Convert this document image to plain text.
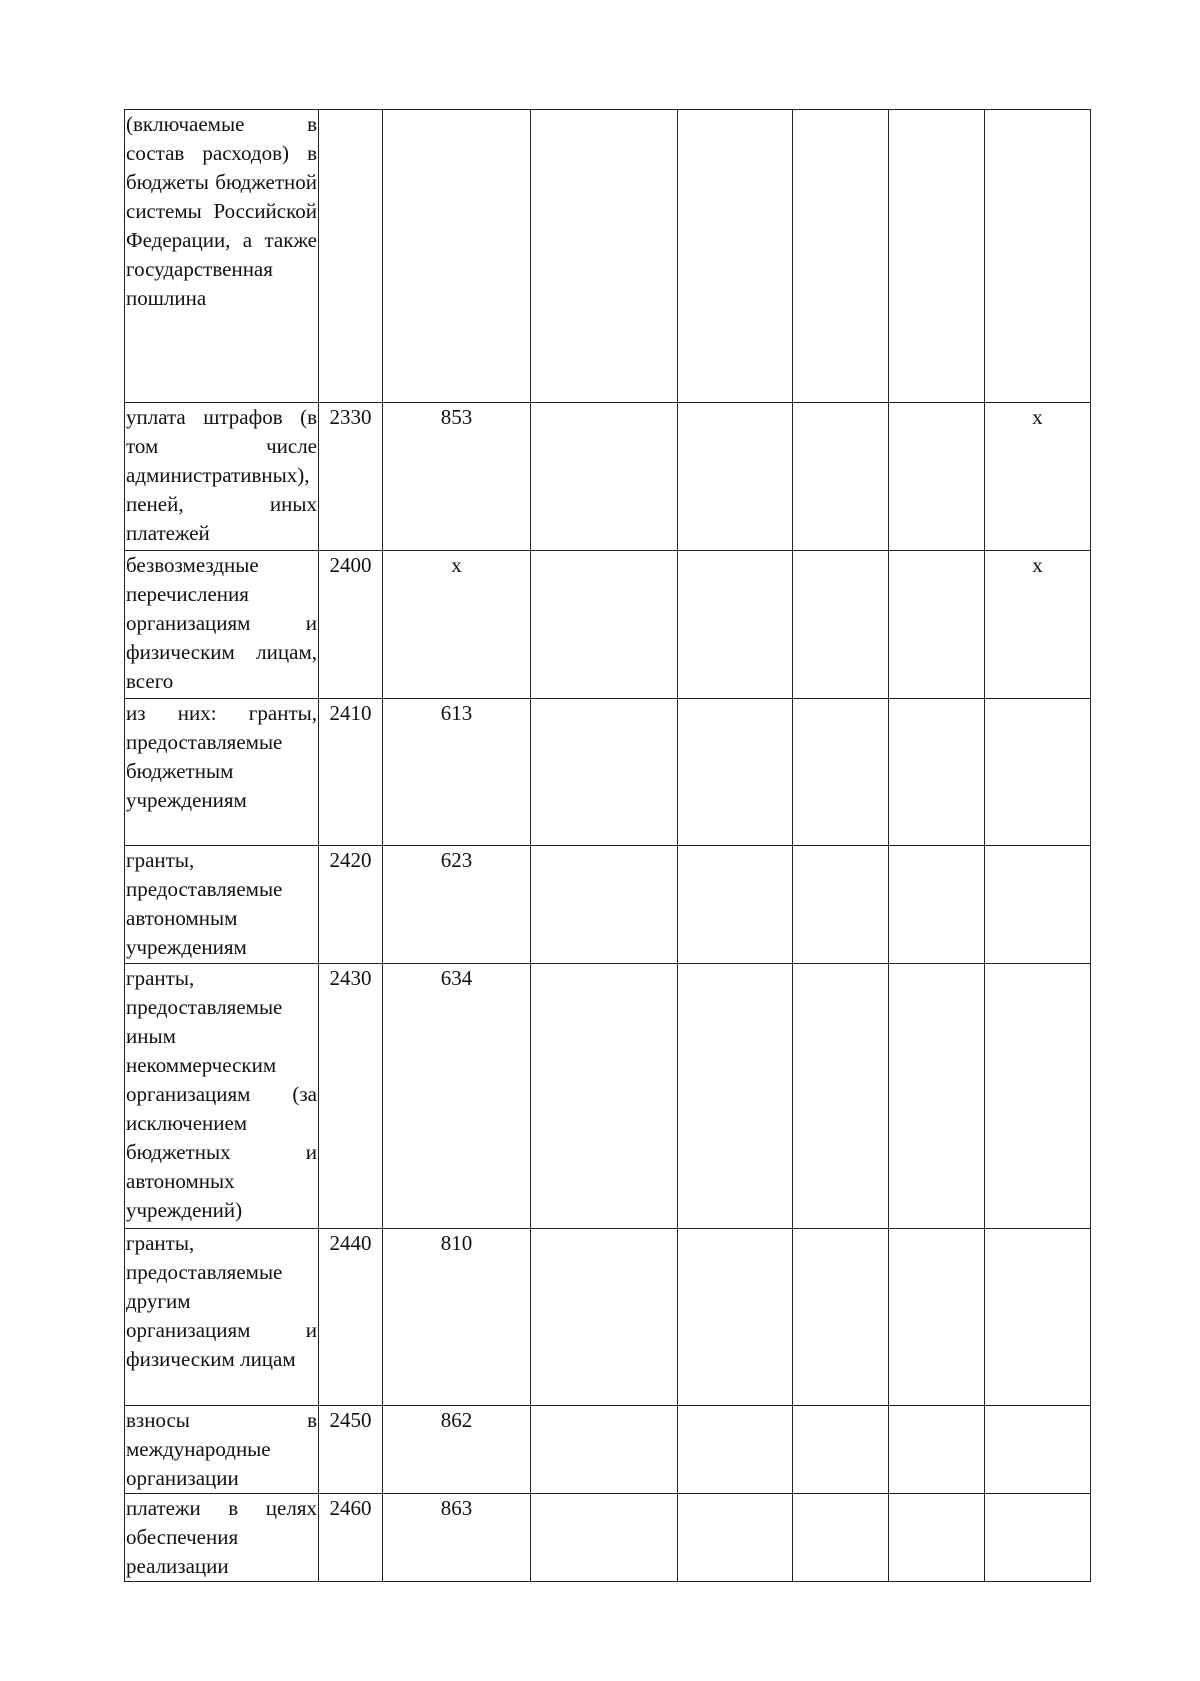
(включаемые в состав расходов) в бюджеты бюджетной системы Российской Федерации, а также государственная пошлина							
уплата штрафов (в том числе административных), пеней, иных платежей	2330	853					x
безвозмездные перечисления организациям и физическим лицам, всего	2400	x					x
из них: гранты, предоставляемые бюджетным учреждениям	2410	613					
гранты, предоставляемые автономным учреждениям	2420	623					
гранты, предоставляемые иным некоммерческим организациям (за исключением бюджетных и автономных учреждений)	2430	634					
гранты, предоставляемые другим организациям и физическим лицам	2440	810					
взносы в международные организации	2450	862					
платежи в целях обеспечения реализации	2460	863					
